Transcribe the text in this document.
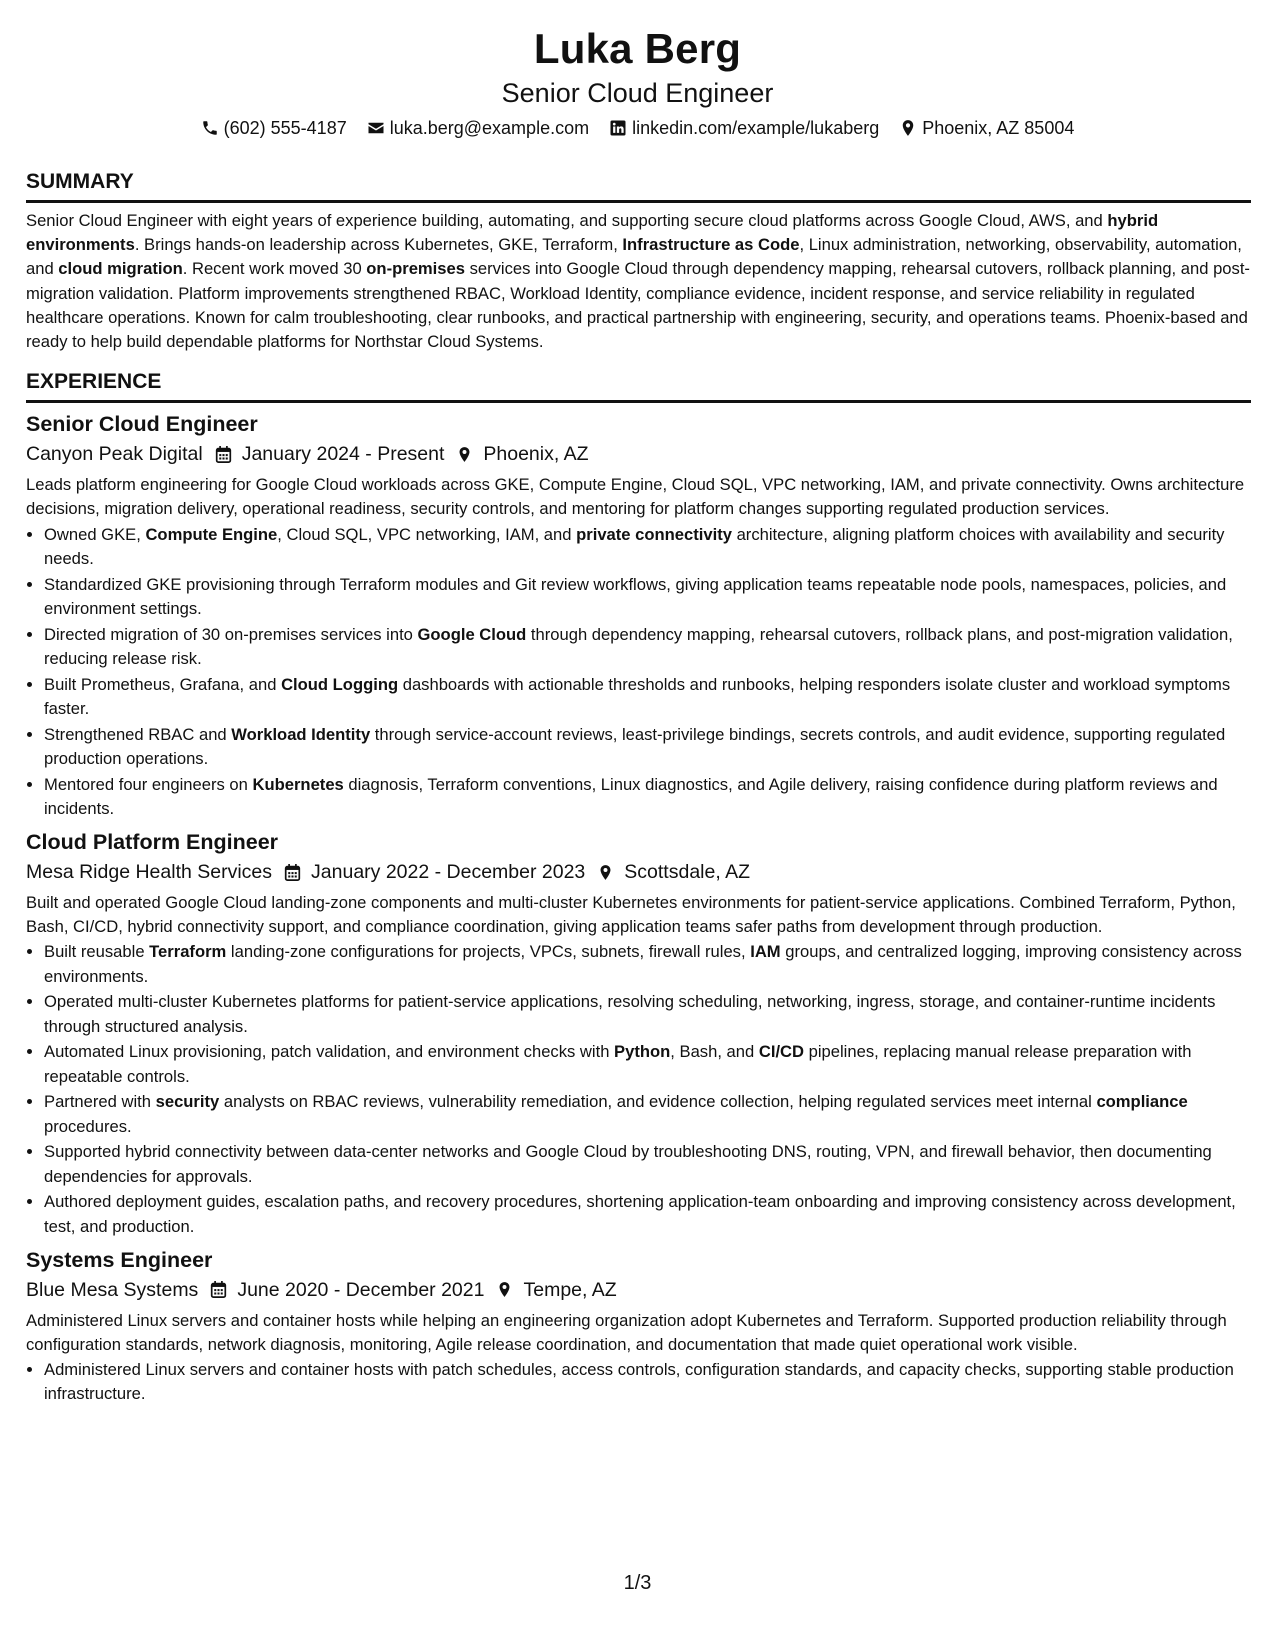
Luka Berg
Senior Cloud Engineer
(602) 555-4187 luka.berg@example.com linkedin.com/example/lukaberg Phoenix, AZ 85004
SUMMARY

Senior Cloud Engineer with eight years of experience building, automating, and supporting secure cloud platforms across Google Cloud, AWS, and hybrid environments. Brings hands-on leadership across Kubernetes, GKE, Terraform, Infrastructure as Code, Linux administration, networking, observability, automation, and cloud migration. Recent work moved 30 on-premises services into Google Cloud through dependency mapping, rehearsal cutovers, rollback planning, and post-migration validation. Platform improvements strengthened RBAC, Workload Identity, compliance evidence, incident response, and service reliability in regulated healthcare operations. Known for calm troubleshooting, clear runbooks, and practical partnership with engineering, security, and operations teams. Phoenix-based and ready to help build dependable platforms for Northstar Cloud Systems.

EXPERIENCE
Senior Cloud Engineer
Canyon Peak Digital January 2024 - Present Phoenix, AZ

Leads platform engineering for Google Cloud workloads across GKE, Compute Engine, Cloud SQL, VPC networking, IAM, and private connectivity. Owns architecture decisions, migration delivery, operational readiness, security controls, and mentoring for platform changes supporting regulated production services.

• Owned GKE, Compute Engine, Cloud SQL, VPC networking, IAM, and private connectivity architecture, aligning platform choices with availability and security needs.
• Standardized GKE provisioning through Terraform modules and Git review workflows, giving application teams repeatable node pools, namespaces, policies, and environment settings.
• Directed migration of 30 on-premises services into Google Cloud through dependency mapping, rehearsal cutovers, rollback plans, and post-migration validation, reducing release risk.
• Built Prometheus, Grafana, and Cloud Logging dashboards with actionable thresholds and runbooks, helping responders isolate cluster and workload symptoms faster.
• Strengthened RBAC and Workload Identity through service-account reviews, least-privilege bindings, secrets controls, and audit evidence, supporting regulated production operations.
• Mentored four engineers on Kubernetes diagnosis, Terraform conventions, Linux diagnostics, and Agile delivery, raising confidence during platform reviews and incidents.
Cloud Platform Engineer
Mesa Ridge Health Services January 2022 - December 2023 Scottsdale, AZ

Built and operated Google Cloud landing-zone components and multi-cluster Kubernetes environments for patient-service applications. Combined Terraform, Python, Bash, CI/CD, hybrid connectivity support, and compliance coordination, giving application teams safer paths from development through production.

• Built reusable Terraform landing-zone configurations for projects, VPCs, subnets, firewall rules, IAM groups, and centralized logging, improving consistency across environments.
• Operated multi-cluster Kubernetes platforms for patient-service applications, resolving scheduling, networking, ingress, storage, and container-runtime incidents through structured analysis.
• Automated Linux provisioning, patch validation, and environment checks with Python, Bash, and CI/CD pipelines, replacing manual release preparation with repeatable controls.
• Partnered with security analysts on RBAC reviews, vulnerability remediation, and evidence collection, helping regulated services meet internal compliance procedures.
• Supported hybrid connectivity between data-center networks and Google Cloud by troubleshooting DNS, routing, VPN, and firewall behavior, then documenting dependencies for approvals.
• Authored deployment guides, escalation paths, and recovery procedures, shortening application-team onboarding and improving consistency across development, test, and production.
Systems Engineer
Blue Mesa Systems June 2020 - December 2021 Tempe, AZ

Administered Linux servers and container hosts while helping an engineering organization adopt Kubernetes and Terraform. Supported production reliability through configuration standards, network diagnosis, monitoring, Agile release coordination, and documentation that made quiet operational work visible.

• Administered Linux servers and container hosts with patch schedules, access controls, configuration standards, and capacity checks, supporting stable production infrastructure.
1/3
